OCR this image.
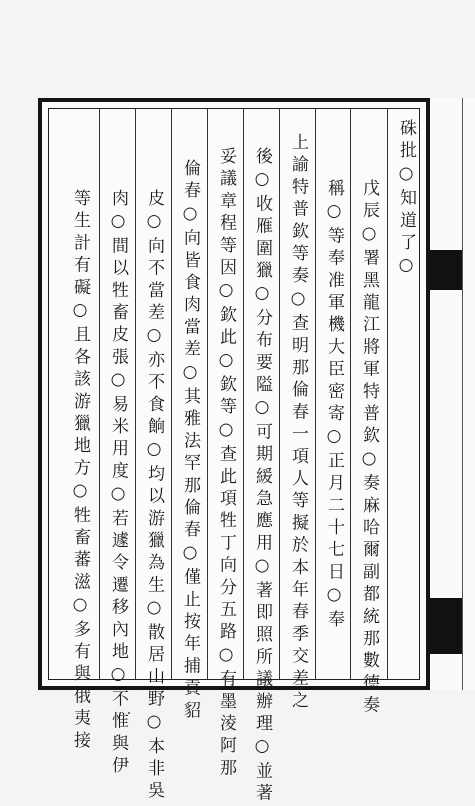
硃批○知道了○
戊辰○署黑龍江將軍特普欽○奏麻哈爾副都統那數德奏
稱○等奉准軍機大臣密寄○正月二十七日○奉
上諭特普欽等奏○查明那倫春一項人等擬於本年春季交差之
後○收雁圍獵○分布要隘○可期緩急應用○著即照所議辦理○並著
妥議章程等因○欽此○欽等○查此項牲丁向分五路○有墨淩阿那
倫春○向皆食肉當差○其雅法罕那倫春○僅止按年捕貢貂
皮○向不當差○亦不食餉○均以游獵為生○散居山野○本非吳
肉○間以牲畜皮張○易米用度○若遽令遷移內地○不惟與伊
等生計有礙○且各該游獵地方○牲畜蕃滋○多有與俄夷接
